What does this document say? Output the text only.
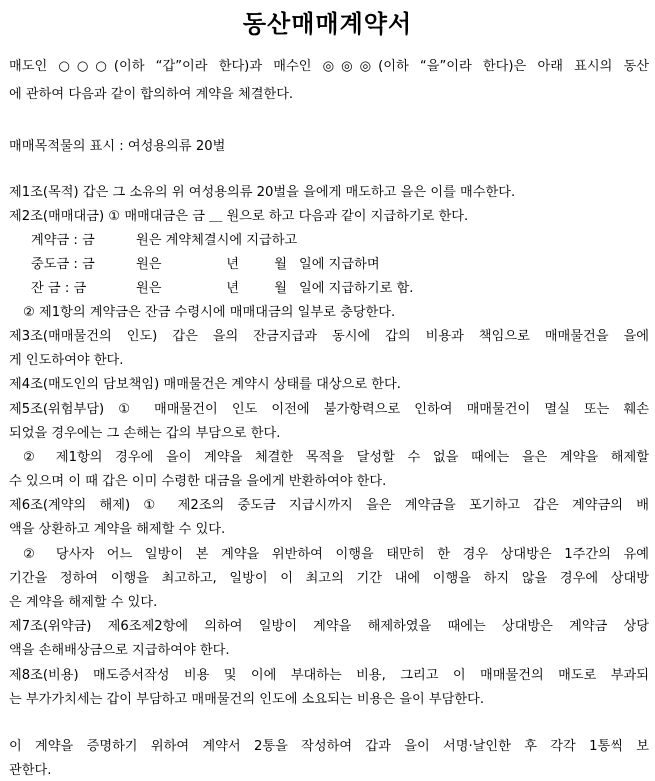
동산매매계약서
매도인 ○○○(이하 “갑”이라 한다)과 매수인 ◎◎◎(이하 “을”이라 한다)은 아래 표시의 동산
에 관하여 다음과 같이 합의하여 계약을 체결한다.
매매목적물의 표시 : 여성용의류 20벌
제1조(목적) 갑은 그 소유의 위 여성용의류 20벌을 을에게 매도하고 을은 이를 매수한다.
제2조(매매대금) ① 매매대금은 금 ＿ 원으로 하고 다음과 같이 지급하기로 한다.
계약금 : 금	원은 계약체결시에 지급하고
중도금 : 금	원은	년	월 일에 지급하며
잔 금 : 금	원은	년	월 일에 지급하기로 함.
② 제1항의 계약금은 잔금 수령시에 매매대금의 일부로 충당한다.
제3조(매매물건의 인도) 갑은 을의 잔금지급과 동시에 갑의 비용과 책임으로 매매물건을 을에
게 인도하여야 한다.
제4조(매도인의 담보책임) 매매물건은 계약시 상태를 대상으로 한다.
제5조(위험부담) ① 매매물건이 인도 이전에 불가항력으로 인하여 매매물건이 멸실 또는 훼손
되었을 경우에는 그 손해는 갑의 부담으로 한다.
② 제1항의 경우에 을이 계약을 체결한 목적을 달성할 수 없을 때에는 을은 계약을 해제할
수 있으며 이 때 갑은 이미 수령한 대금을 을에게 반환하여야 한다.
제6조(계약의 해제) ① 제2조의 중도금 지급시까지 을은 계약금을 포기하고 갑은 계약금의 배
액을 상환하고 계약을 해제할 수 있다.
② 당사자 어느 일방이 본 계약을 위반하여 이행을 태만히 한 경우 상대방은 1주간의 유예
기간을 정하여 이행을 최고하고, 일방이 이 최고의 기간 내에 이행을 하지 않을 경우에 상대방
은 계약을 해제할 수 있다.
제7조(위약금) 제6조제2항에 의하여 일방이 계약을 해제하였을 때에는 상대방은 계약금 상당
액을 손해배상금으로 지급하여야 한다.
제8조(비용) 매도증서작성 비용 및 이에 부대하는 비용, 그리고 이 매매물건의 매도로 부과되
는 부가가치세는 갑이 부담하고 매매물건의 인도에 소요되는 비용은 을이 부담한다.
이 계약을 증명하기 위하여 계약서 2통을 작성하여 갑과 을이 서명·날인한 후 각각 1통씩 보
관한다.
